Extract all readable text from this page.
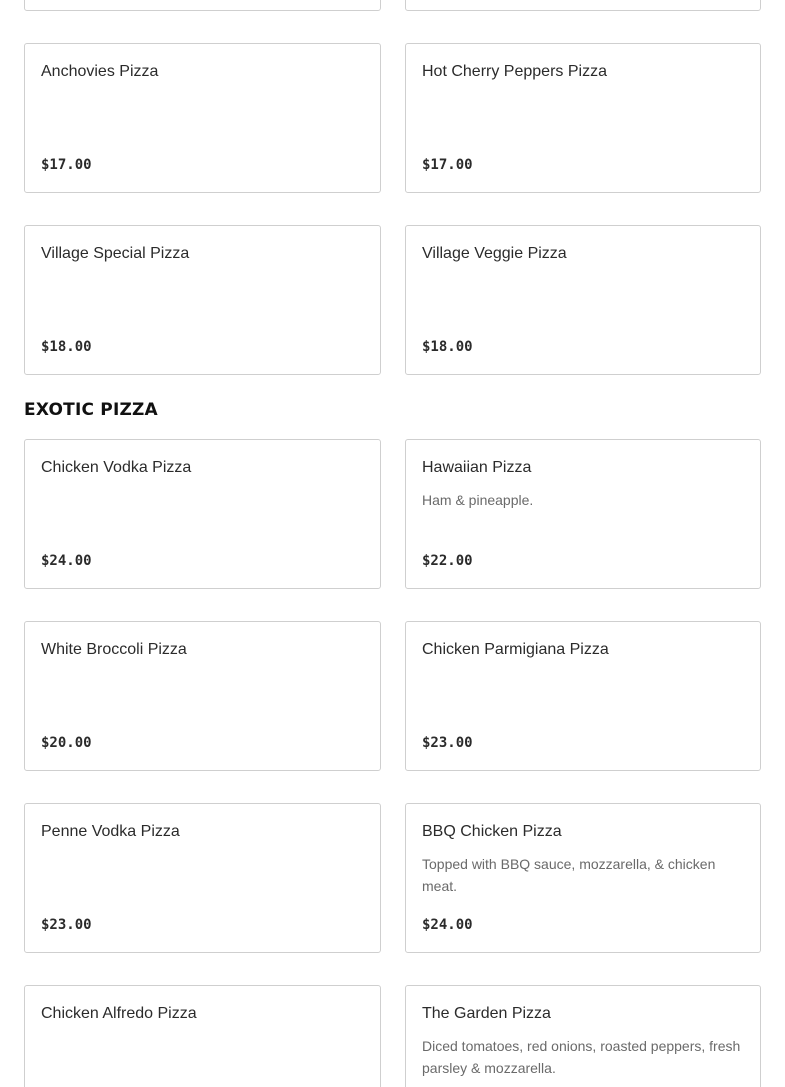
Anchovies Pizza
$17.00
Hot Cherry Peppers Pizza
$17.00
Village Special Pizza
$18.00
Village Veggie Pizza
$18.00
EXOTIC PIZZA
Chicken Vodka Pizza
$24.00
Hawaiian Pizza
Ham & pineapple.
$22.00
White Broccoli Pizza
$20.00
Chicken Parmigiana Pizza
$23.00
Penne Vodka Pizza
$23.00
BBQ Chicken Pizza
Topped with BBQ sauce, mozzarella, & chicken meat.
$24.00
Chicken Alfredo Pizza	The Garden Pizza
Diced tomatoes, red onions, roasted peppers, fresh parsley & mozzarella.
